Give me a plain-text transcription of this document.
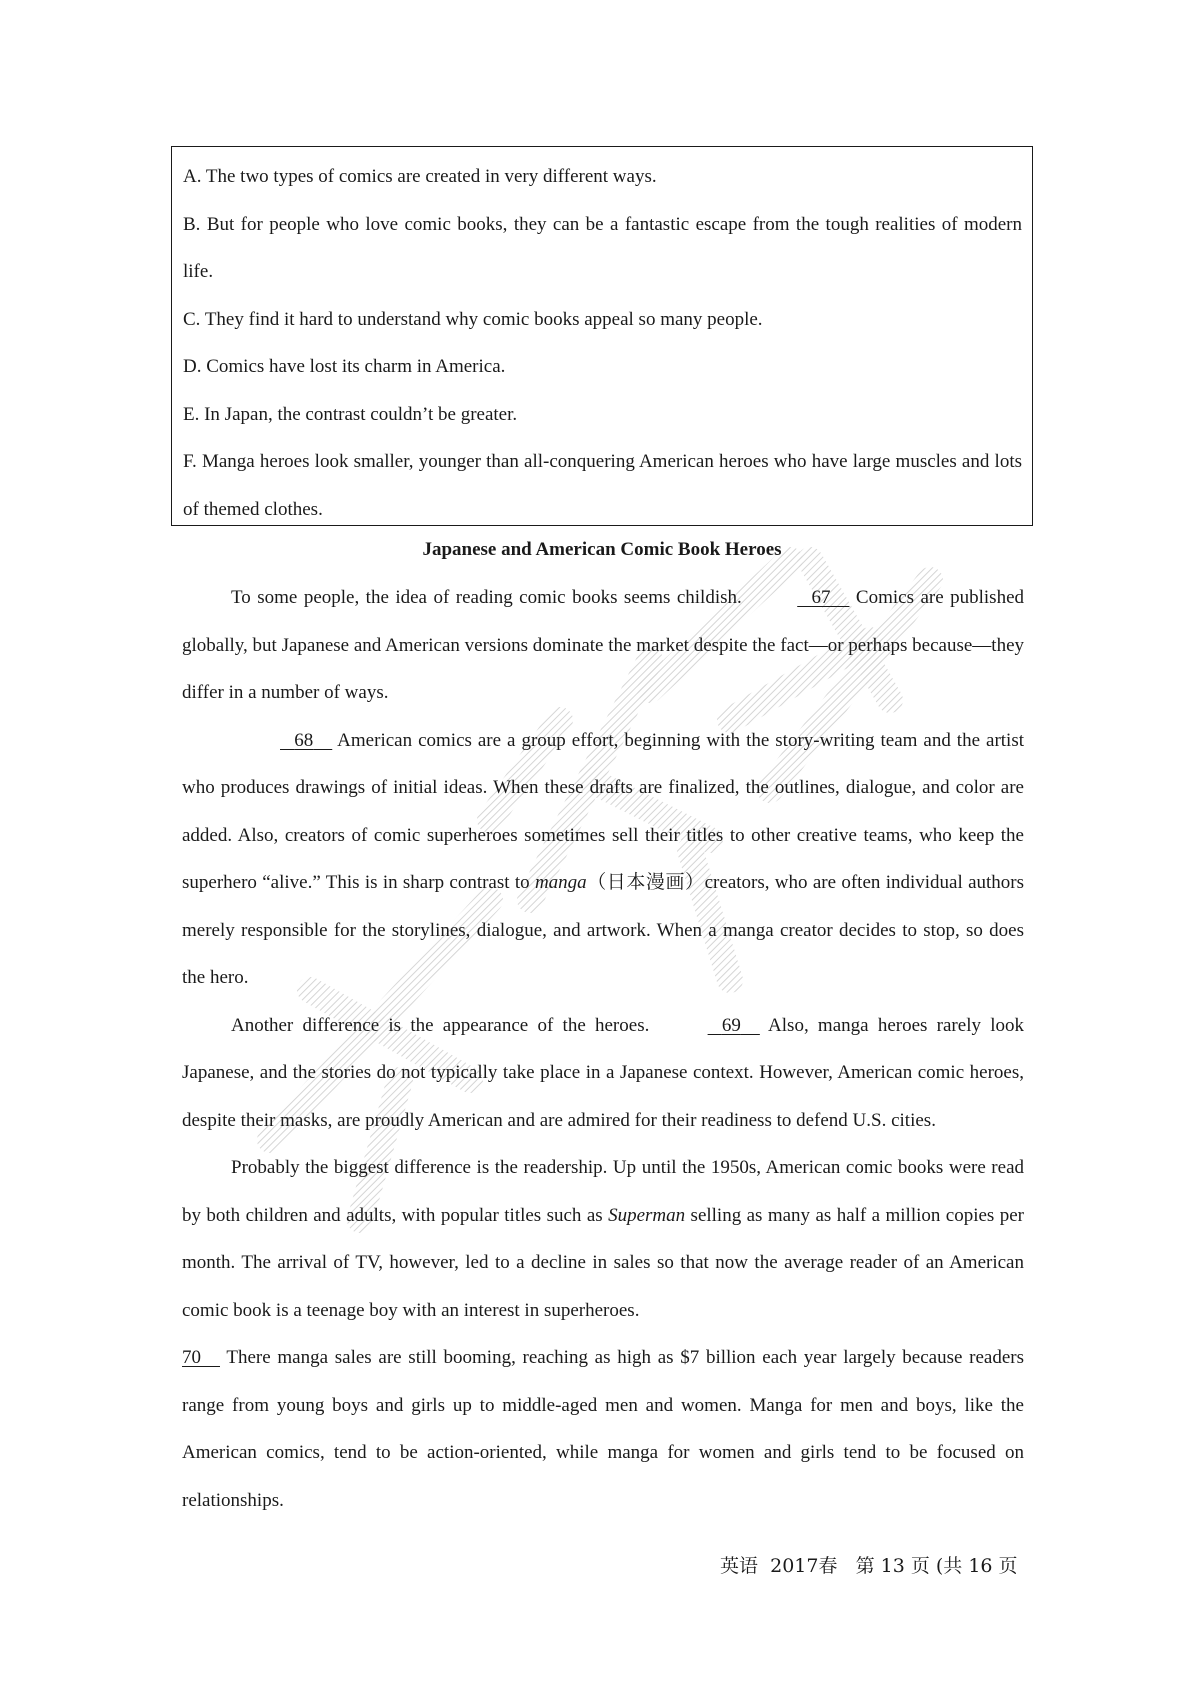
A. The two types of comics are created in very different ways.

B. But for people who love comic books, they can be a fantastic escape from the tough realities of modern life.

C. They find it hard to understand why comic books appeal so many people.

D. Comics have lost its charm in America.

E. In Japan, the contrast couldn’t be greater.

F. Manga heroes look smaller, younger than all-conquering American heroes who have large muscles and lots of themed clothes.

Japanese and American Comic Book Heroes

To some people, the idea of reading comic books seems childish.	67     Comics are published globally, but Japanese and American versions dominate the market despite the fact—or perhaps because—they differ in a number of ways.

68     American comics are a group effort, beginning with the story-writing team and the artist who produces drawings of initial ideas. When these drafts are finalized, the outlines, dialogue, and color are added. Also, creators of comic superheroes sometimes sell their titles to other creative teams, who keep the superhero “alive.” This is in sharp contrast to manga（日本漫画）creators, who are often individual authors merely responsible for the storylines, dialogue, and artwork. When a manga creator decides to stop, so does the hero.

Another difference is the appearance of the heroes.	69     Also, manga heroes rarely look Japanese, and the stories do not typically take place in a Japanese context. However, American comic heroes, despite their masks, are proudly American and are admired for their readiness to defend U.S. cities.

Probably the biggest difference is the readership. Up until the 1950s, American comic books were read by both children and adults, with popular titles such as Superman selling as many as half a million copies per month. The arrival of TV, however, led to a decline in sales so that now the average reader of an American comic book is a teenage boy with an interest in superheroes.

70     There manga sales are still booming, reaching as high as $7 billion each year largely because readers range from young boys and girls up to middle-aged men and women. Manga for men and boys, like the American comics, tend to be action-oriented, while manga for women and girls tend to be focused on relationships.

英语 2017春 第 13 页 (共 16 页
